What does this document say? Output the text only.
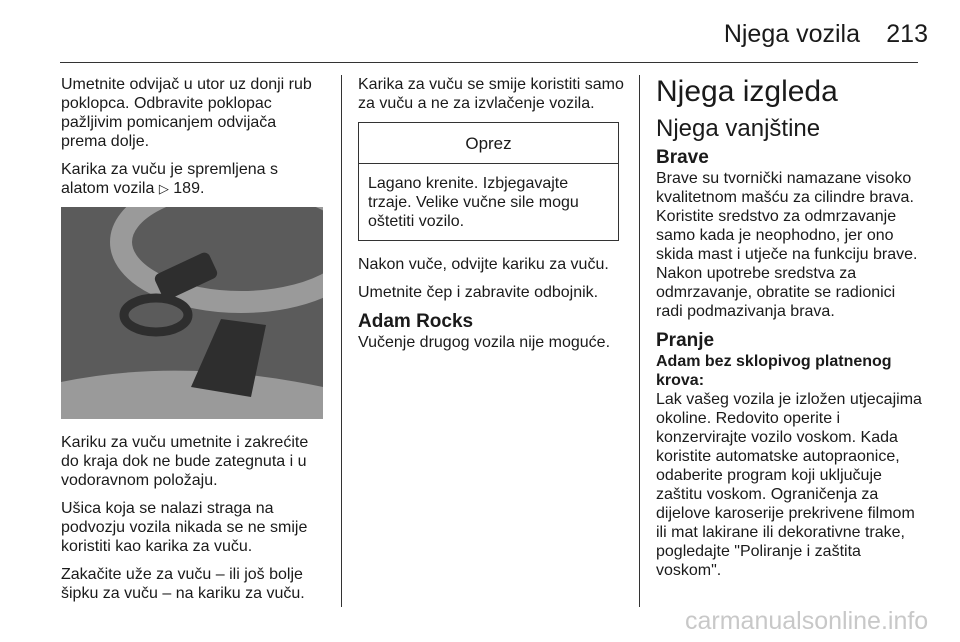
Njega vozila	213

Umetnite odvijač u utor uz donji rub poklopca. Odbravite poklopac pažljivim pomicanjem odvijača prema dolje.

Karika za vuču je spremljena s alatom vozila ▷ 189.

Kariku za vuču umetnite i zakrećite do kraja dok ne bude zategnuta i u vodoravnom položaju.

Ušica koja se nalazi straga na podvozju vozila nikada se ne smije koristiti kao karika za vuču.

Zakačite uže za vuču – ili još bolje šipku za vuču – na kariku za vuču.

Karika za vuču se smije koristiti samo za vuču a ne za izvlačenje vozila.

Oprez
Lagano krenite. Izbjegavajte trzaje. Velike vučne sile mogu oštetiti vozilo.

Nakon vuče, odvijte kariku za vuču.

Umetnite čep i zabravite odbojnik.

Adam Rocks

Vučenje drugog vozila nije moguće.

Njega izgleda
Njega vanjštine
Brave

Brave su tvornički namazane visoko kvalitetnom mašću za cilindre brava. Koristite sredstvo za odmrzavanje samo kada je neophodno, jer ono skida mast i utječe na funkciju brave. Nakon upotrebe sredstva za odmrzavanje, obratite se radionici radi podmazivanja brava.

Pranje

Adam bez sklopivog platnenog krova:
Lak vašeg vozila je izložen utjecajima okoline. Redovito operite i konzervirajte vozilo voskom. Kada koristite automatske autopraonice, odaberite program koji uključuje zaštitu voskom. Ograničenja za dijelove karoserije prekrivene filmom ili mat lakirane ili dekorativne trake, pogledajte "Poliranje i zaštita voskom".

carmanualsonline.info
